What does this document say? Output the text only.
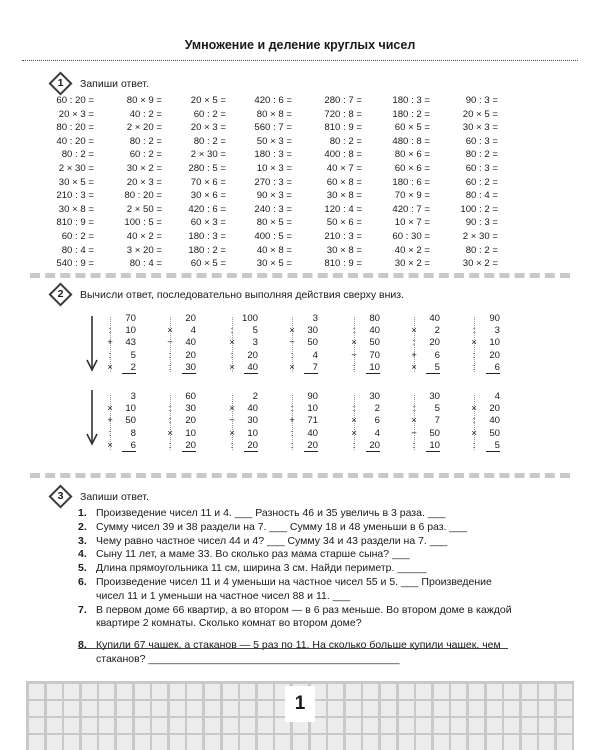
Умножение и деление круглых чисел
1	Запиши ответ.
60 : 20 =	80 × 9 =	20 × 5 =	420 : 6 =	280 : 7 =	180 : 3 =	90 : 3 =
20 × 3 =	40 : 2 =	60 : 2 =	80 × 8 =	720 : 8 =	180 : 2 =	20 × 5 =
80 : 20 =	2 × 20 =	20 × 3 =	560 : 7 =	810 : 9 =	60 × 5 =	30 × 3 =
40 : 20 =	80 : 2 =	80 : 2 =	50 × 3 =	80 : 2 =	480 : 8 =	60 : 3 =
80 : 2 =	60 : 2 =	2 × 30 =	180 : 3 =	400 : 8 =	80 × 6 =	80 : 2 =
2 × 30 =	30 × 2 =	280 : 5 =	10 × 3 =	40 × 7 =	60 × 6 =	60 : 3 =
30 × 5 =	20 × 3 =	70 × 6 =	270 : 3 =	60 × 8 =	180 : 6 =	60 : 2 =
210 : 3 =	80 : 20 =	30 × 6 =	90 × 3 =	30 × 8 =	70 × 9 =	80 : 4 =
30 × 8 =	2 × 50 =	420 : 6 =	240 : 3 =	120 : 4 =	420 : 7 =	100 : 2 =
810 : 9 =	100 : 5 =	60 × 3 =	80 × 5 =	50 × 6 =	10 × 7 =	90 : 3 =
60 : 2 =	40 × 2 =	180 : 3 =	400 : 5 =	210 : 3 =	60 : 30 =	2 × 30 =
80 : 4 =	3 × 20 =	180 : 2 =	40 × 8 =	30 × 8 =	40 × 2 =	80 : 2 =
540 : 9 =	80 : 4 =	60 × 5 =	30 × 5 =	810 : 9 =	30 × 2 =	30 × 2 =
2	Вычисли ответ, последовательно выполняя действия сверху вниз.
70
: 10
+ 43
: 5
× 2
20
× 4
− 40
: 20
: 30
100
: 5
× 3
: 20
× 40
3
× 30
− 50
: 4
× 7
80
: 40
× 50
− 70
: 10
40
× 2
: 20
+ 6
× 5
90
: 3
× 10
: 20
: 6
3
× 10
+ 50
: 8
× 6
60
: 30
: 20
× 10
: 20
2
× 40
− 30
× 10
: 20
90
: 10
+ 71
: 40
: 20
30
: 2
× 6
× 4
: 20
30
: 5
× 7
− 50
: 10
4
× 20
: 40
× 50
: 5
3	Запиши ответ.
1. Произведение чисел 11 и 4. ___ Разность 46 и 35 увеличь в 3 раза. ___
2. Сумму чисел 39 и 38 раздели на 7. ___ Сумму 18 и 48 уменьши в 6 раз. ___
3. Чему равно частное чисел 44 и 4? ___ Сумму 34 и 43 раздели на 7. ___
4. Сыну 11 лет, а маме 33. Во сколько раз мама старше сына? ___
5. Длина прямоугольника 11 см, ширина 3 см. Найди периметр. _____
6. Произведение чисел 11 и 4 уменьши на частное чисел 55 и 5. ___ Произведение чисел 11 и 1 уменьши на частное чисел 88 и 11. ___
7. В первом доме 66 квартир, а во втором — в 6 раз меньше. Во втором доме в каждой квартире 2 комнаты. Сколько комнат во втором доме?
8. Купили 67 чашек, а стаканов — 5 раз по 11. На сколько больше купили чашек, чем стаканов? ___________________________________________
1
